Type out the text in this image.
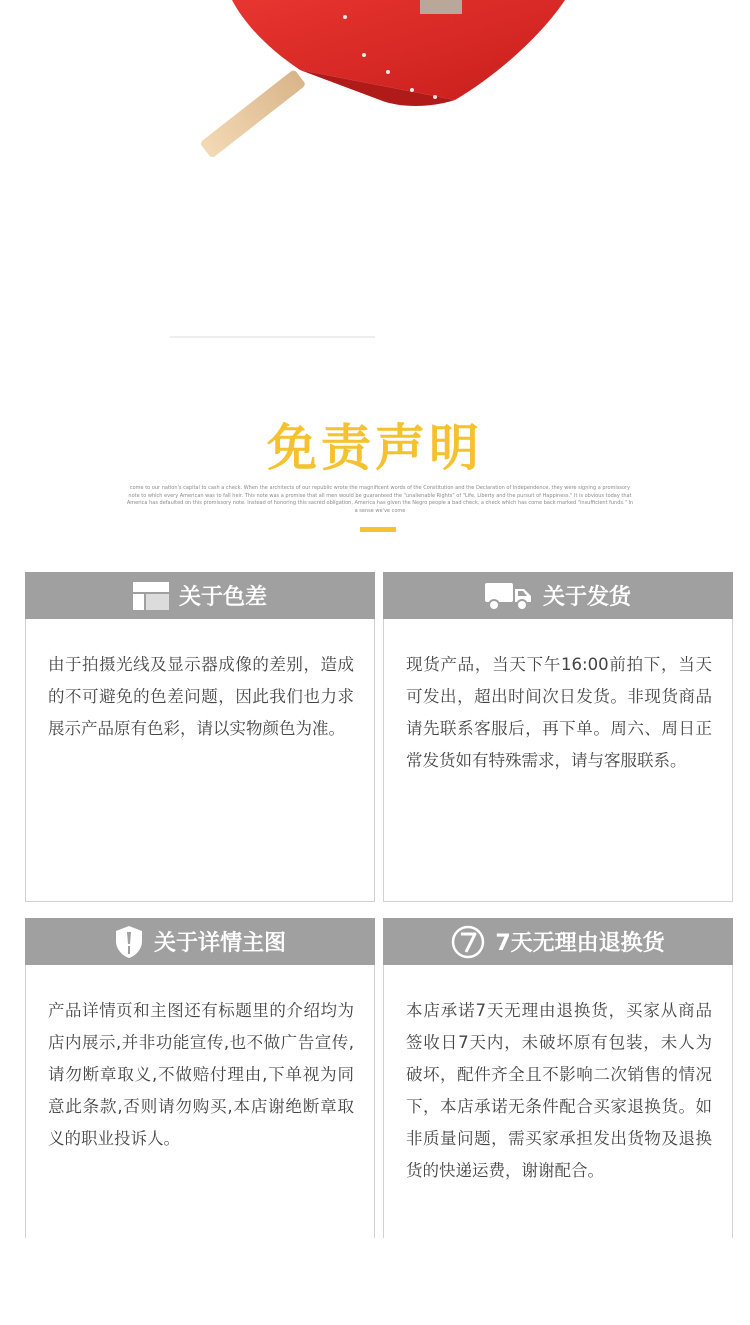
免责声明
come to our nation's capital to cash a check. When the architects of our republic wrote the magnificent words of the Constitution and the Declaration of Independence, they were signing a promissory note to which every American was to fall heir. This note was a promise that all men would be guaranteed the "unalienable Rights" of "Life, Liberty and the pursuit of Happiness." It is obvious today that America has defaulted on this promissory note. Instead of honoring this sacred obligation, America has given the Negro people a bad check, a check which has come back marked "insufficient funds." In a sense we've come
关于色差
由于拍摄光线及显示器成像的差别，造成的不可避免的色差问题，因此我们也力求展示产品原有色彩，请以实物颜色为准。
关于发货
现货产品，当天下午16:00前拍下，当天可发出，超出时间次日发货。非现货商品请先联系客服后，再下单。周六、周日正常发货如有特殊需求，请与客服联系。
关于详情主图
产品详情页和主图还有标题里的介绍均为店内展示,并非功能宣传,也不做广告宣传,请勿断章取义,不做赔付理由,下单视为同意此条款,否则请勿购买,本店谢绝断章取义的职业投诉人。
7天无理由退换货
本店承诺7天无理由退换货，买家从商品签收日7天内，未破坏原有包装，未人为破坏，配件齐全且不影响二次销售的情况下，本店承诺无条件配合买家退换货。如非质量问题，需买家承担发出货物及退换货的快递运费，谢谢配合。
